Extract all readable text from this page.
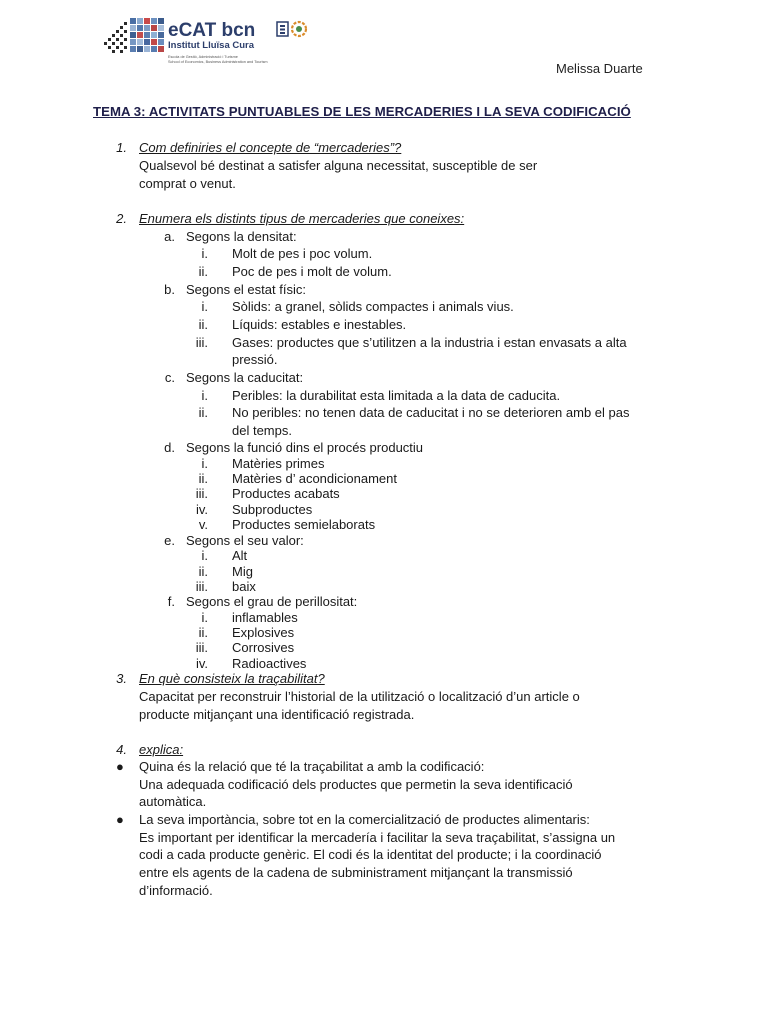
eCAT bcn
Institut Lluïsa Cura
Escola de Gestió, Administració i Turisme
School of Economics, Business Administration and Tourism	Melissa Duarte
TEMA 3: ACTIVITATS PUNTUABLES DE LES MERCADERIES I LA SEVA CODIFICACIÓ
1. Com definiries el concepte de “mercaderies”?
Qualsevol bé destinat a satisfer alguna necessitat, susceptible de ser
comprat o venut.
2. Enumera els distints tipus de mercaderies que coneixes:
a. Segons la densitat:
i. Molt de pes i poc volum.
ii. Poc de pes i molt de volum.
b. Segons el estat físic:
i. Sòlids: a granel, sòlids compactes i animals vius.
ii. Líquids: estables e inestables.
iii. Gases: productes que s’utilitzen a la industria i estan envasats a alta
pressió.
c. Segons la caducitat:
i. Peribles: la durabilitat esta limitada a la data de caducita.
ii. No peribles: no tenen data de caducitat i no se deterioren amb el pas
del temps.
d. Segons la funció dins el procés productiu
i. Matèries primes
ii. Matèries d’ acondicionament
iii. Productes acabats
iv. Subproductes
v. Productes semielaborats
e. Segons el seu valor:
i. Alt
ii. Mig
iii. baix
f. Segons el grau de perillositat:
i. inflamables
ii. Explosives
iii. Corrosives
iv. Radioactives
3. En què consisteix la traçabilitat?
Capacitat per reconstruir l’historial de la utilització o localització d’un article o
producte mitjançant una identificació registrada.
4. explica:
● Quina és la relació que té la traçabilitat a amb la codificació:
Una adequada codificació dels productes que permetin la seva identificació
automàtica.
● La seva importància, sobre tot en la comercialització de productes alimentaris:
Es important per identificar la mercadería i facilitar la seva traçabilitat, s’assigna un
codi a cada producte genèric. El codi és la identitat del producte; i la coordinació
entre els agents de la cadena de subministrament mitjançant la transmissió
d’informació.
